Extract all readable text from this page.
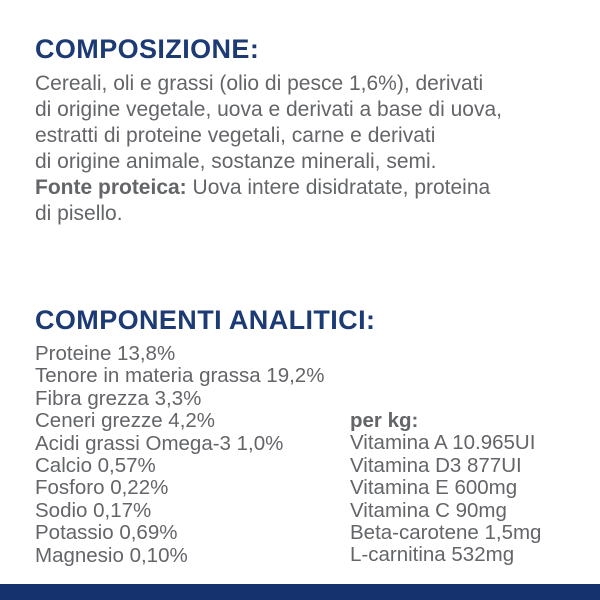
COMPOSIZIONE:
Cereali, oli e grassi (olio di pesce 1,6%), derivati
di origine vegetale, uova e derivati a base di uova,
estratti di proteine vegetali, carne e derivati
di origine animale, sostanze minerali, semi.
Fonte proteica: Uova intere disidratate, proteina
di pisello.
COMPONENTI ANALITICI:
Proteine 13,8%
Tenore in materia grassa 19,2%
Fibra grezza 3,3%
Ceneri grezze 4,2%
Acidi grassi Omega-3 1,0%
Calcio 0,57%
Fosforo 0,22%
Sodio 0,17%
Potassio 0,69%
Magnesio 0,10%
per kg:
Vitamina A 10.965UI
Vitamina D3 877UI
Vitamina E 600mg
Vitamina C 90mg
Beta-carotene 1,5mg
L-carnitina 532mg
